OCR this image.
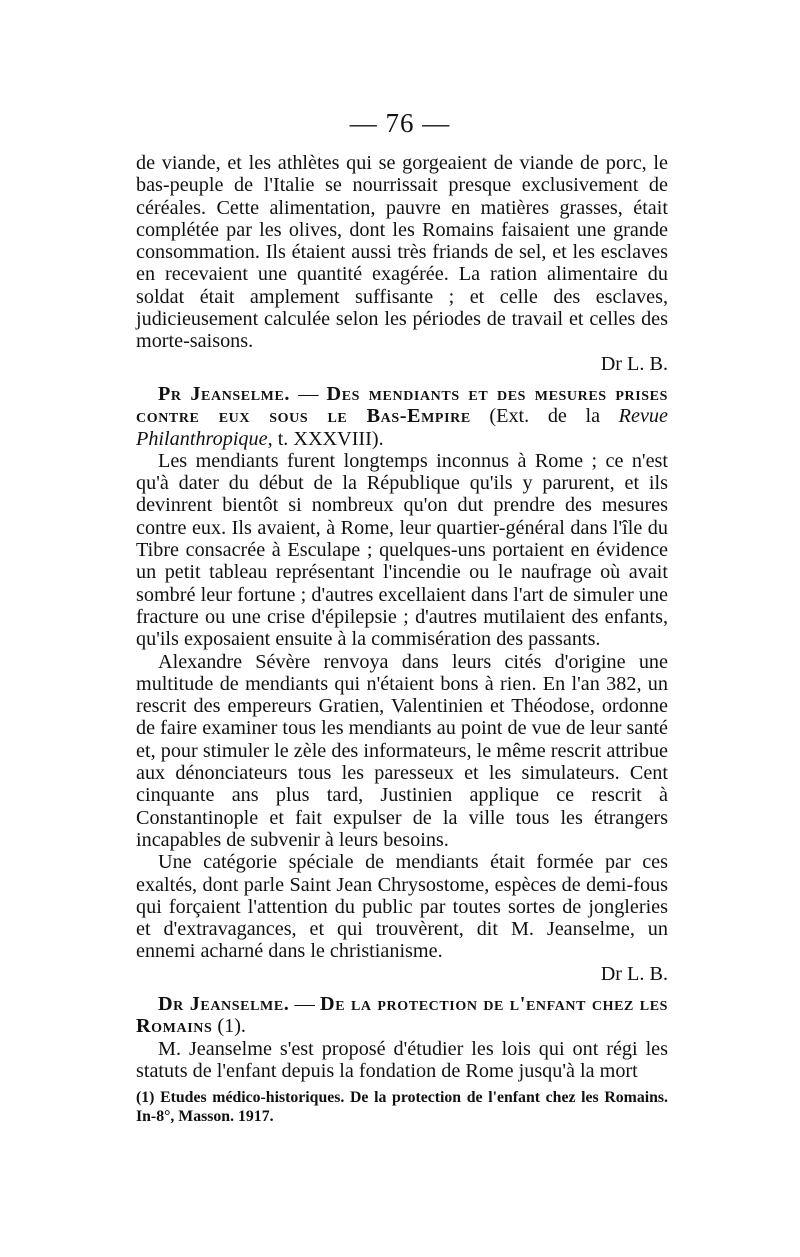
— 76 —

de viande, et les athlètes qui se gorgeaient de viande de porc, le bas-peuple de l'Italie se nourrissait presque exclusivement de céréales. Cette alimentation, pauvre en matières grasses, était complétée par les olives, dont les Romains faisaient une grande consommation. Ils étaient aussi très friands de sel, et les esclaves en recevaient une quantité exagérée. La ration alimentaire du soldat était amplement suffisante ; et celle des esclaves, judicieusement calculée selon les périodes de travail et celles des morte-saisons.

Dr L. B.

Pr Jeanselme. — Des mendiants et des mesures prises contre eux sous le Bas-Empire (Ext. de la Revue Philanthropique, t. XXXVIII).

Les mendiants furent longtemps inconnus à Rome ; ce n'est qu'à dater du début de la République qu'ils y parurent, et ils devinrent bientôt si nombreux qu'on dut prendre des mesures contre eux. Ils avaient, à Rome, leur quartier-général dans l'île du Tibre consacrée à Esculape ; quelques-uns portaient en évidence un petit tableau représentant l'incendie ou le naufrage où avait sombré leur fortune ; d'autres excellaient dans l'art de simuler une fracture ou une crise d'épilepsie ; d'autres mutilaient des enfants, qu'ils exposaient ensuite à la commisération des passants.

Alexandre Sévère renvoya dans leurs cités d'origine une multitude de mendiants qui n'étaient bons à rien. En l'an 382, un rescrit des empereurs Gratien, Valentinien et Théodose, ordonne de faire examiner tous les mendiants au point de vue de leur santé et, pour stimuler le zèle des informateurs, le même rescrit attribue aux dénonciateurs tous les paresseux et les simulateurs. Cent cinquante ans plus tard, Justinien applique ce rescrit à Constantinople et fait expulser de la ville tous les étrangers incapables de subvenir à leurs besoins.

Une catégorie spéciale de mendiants était formée par ces exaltés, dont parle Saint Jean Chrysostome, espèces de demi-fous qui forçaient l'attention du public par toutes sortes de jongleries et d'extravagances, et qui trouvèrent, dit M. Jeanselme, un ennemi acharné dans le christianisme.

Dr L. B.

Dr Jeanselme. — De la protection de l'enfant chez les Romains (1).

M. Jeanselme s'est proposé d'étudier les lois qui ont régi les statuts de l'enfant depuis la fondation de Rome jusqu'à la mort

(1) Etudes médico-historiques. De la protection de l'enfant chez les Romains. In-8°, Masson. 1917.
